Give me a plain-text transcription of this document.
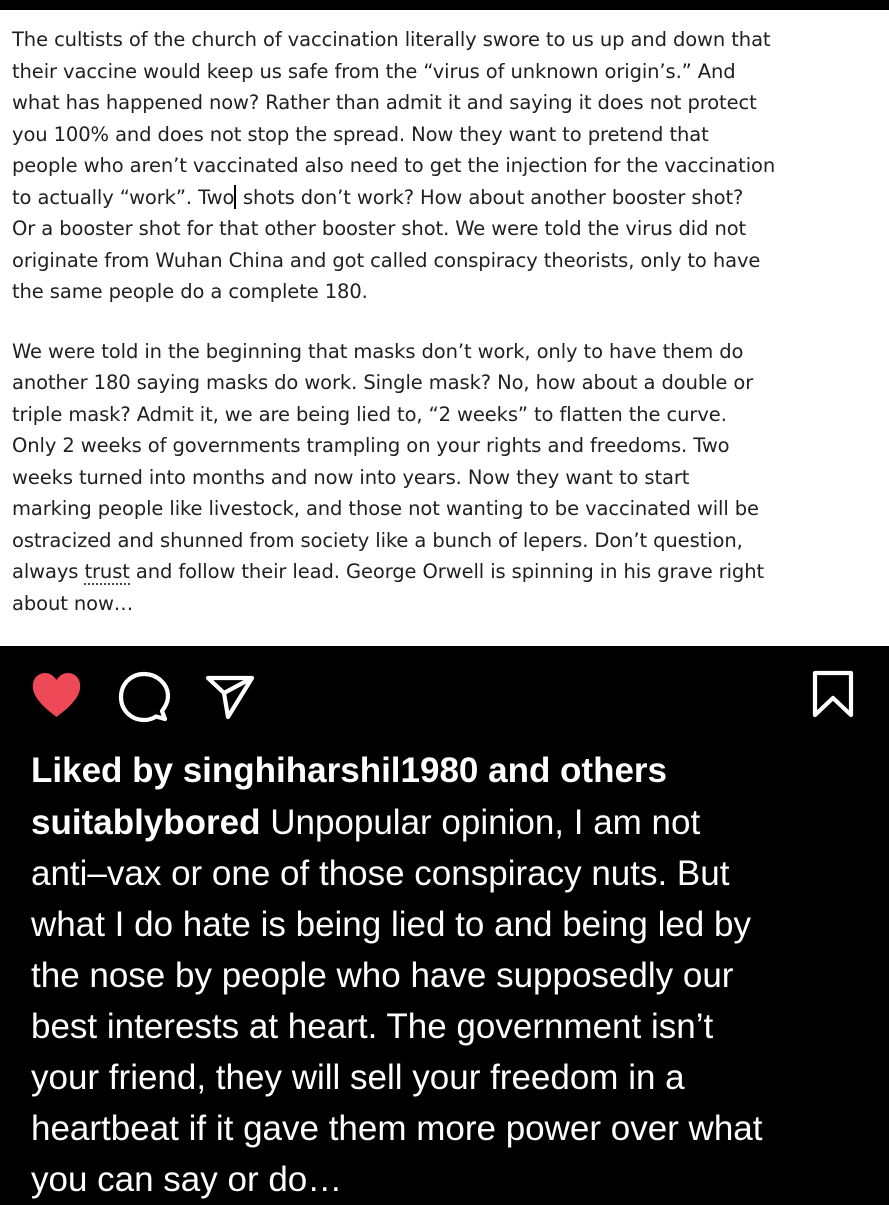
The cultists of the church of vaccination literally swore to us up and down that

their vaccine would keep us safe from the “virus of unknown origin’s.” And

what has happened now? Rather than admit it and saying it does not protect

you 100% and does not stop the spread. Now they want to pretend that

people who aren’t vaccinated also need to get the injection for the vaccination

to actually “work”. Two shots don’t work? How about another booster shot?

Or a booster shot for that other booster shot. We were told the virus did not

originate from Wuhan China and got called conspiracy theorists, only to have

the same people do a complete 180.

We were told in the beginning that masks don’t work, only to have them do

another 180 saying masks do work. Single mask? No, how about a double or

triple mask? Admit it, we are being lied to, “2 weeks” to flatten the curve.

Only 2 weeks of governments trampling on your rights and freedoms. Two

weeks turned into months and now into years. Now they want to start

marking people like livestock, and those not wanting to be vaccinated will be

ostracized and shunned from society like a bunch of lepers. Don’t question,

always trust and follow their lead. George Orwell is spinning in his grave right

about now…

Liked by singhiharshil1980 and others

suitablybored Unpopular opinion, I am not

anti–vax or one of those conspiracy nuts. But

what I do hate is being lied to and being led by

the nose by people who have supposedly our

best interests at heart. The government isn’t

your friend, they will sell your freedom in a

heartbeat if it gave them more power over what

you can say or do…
